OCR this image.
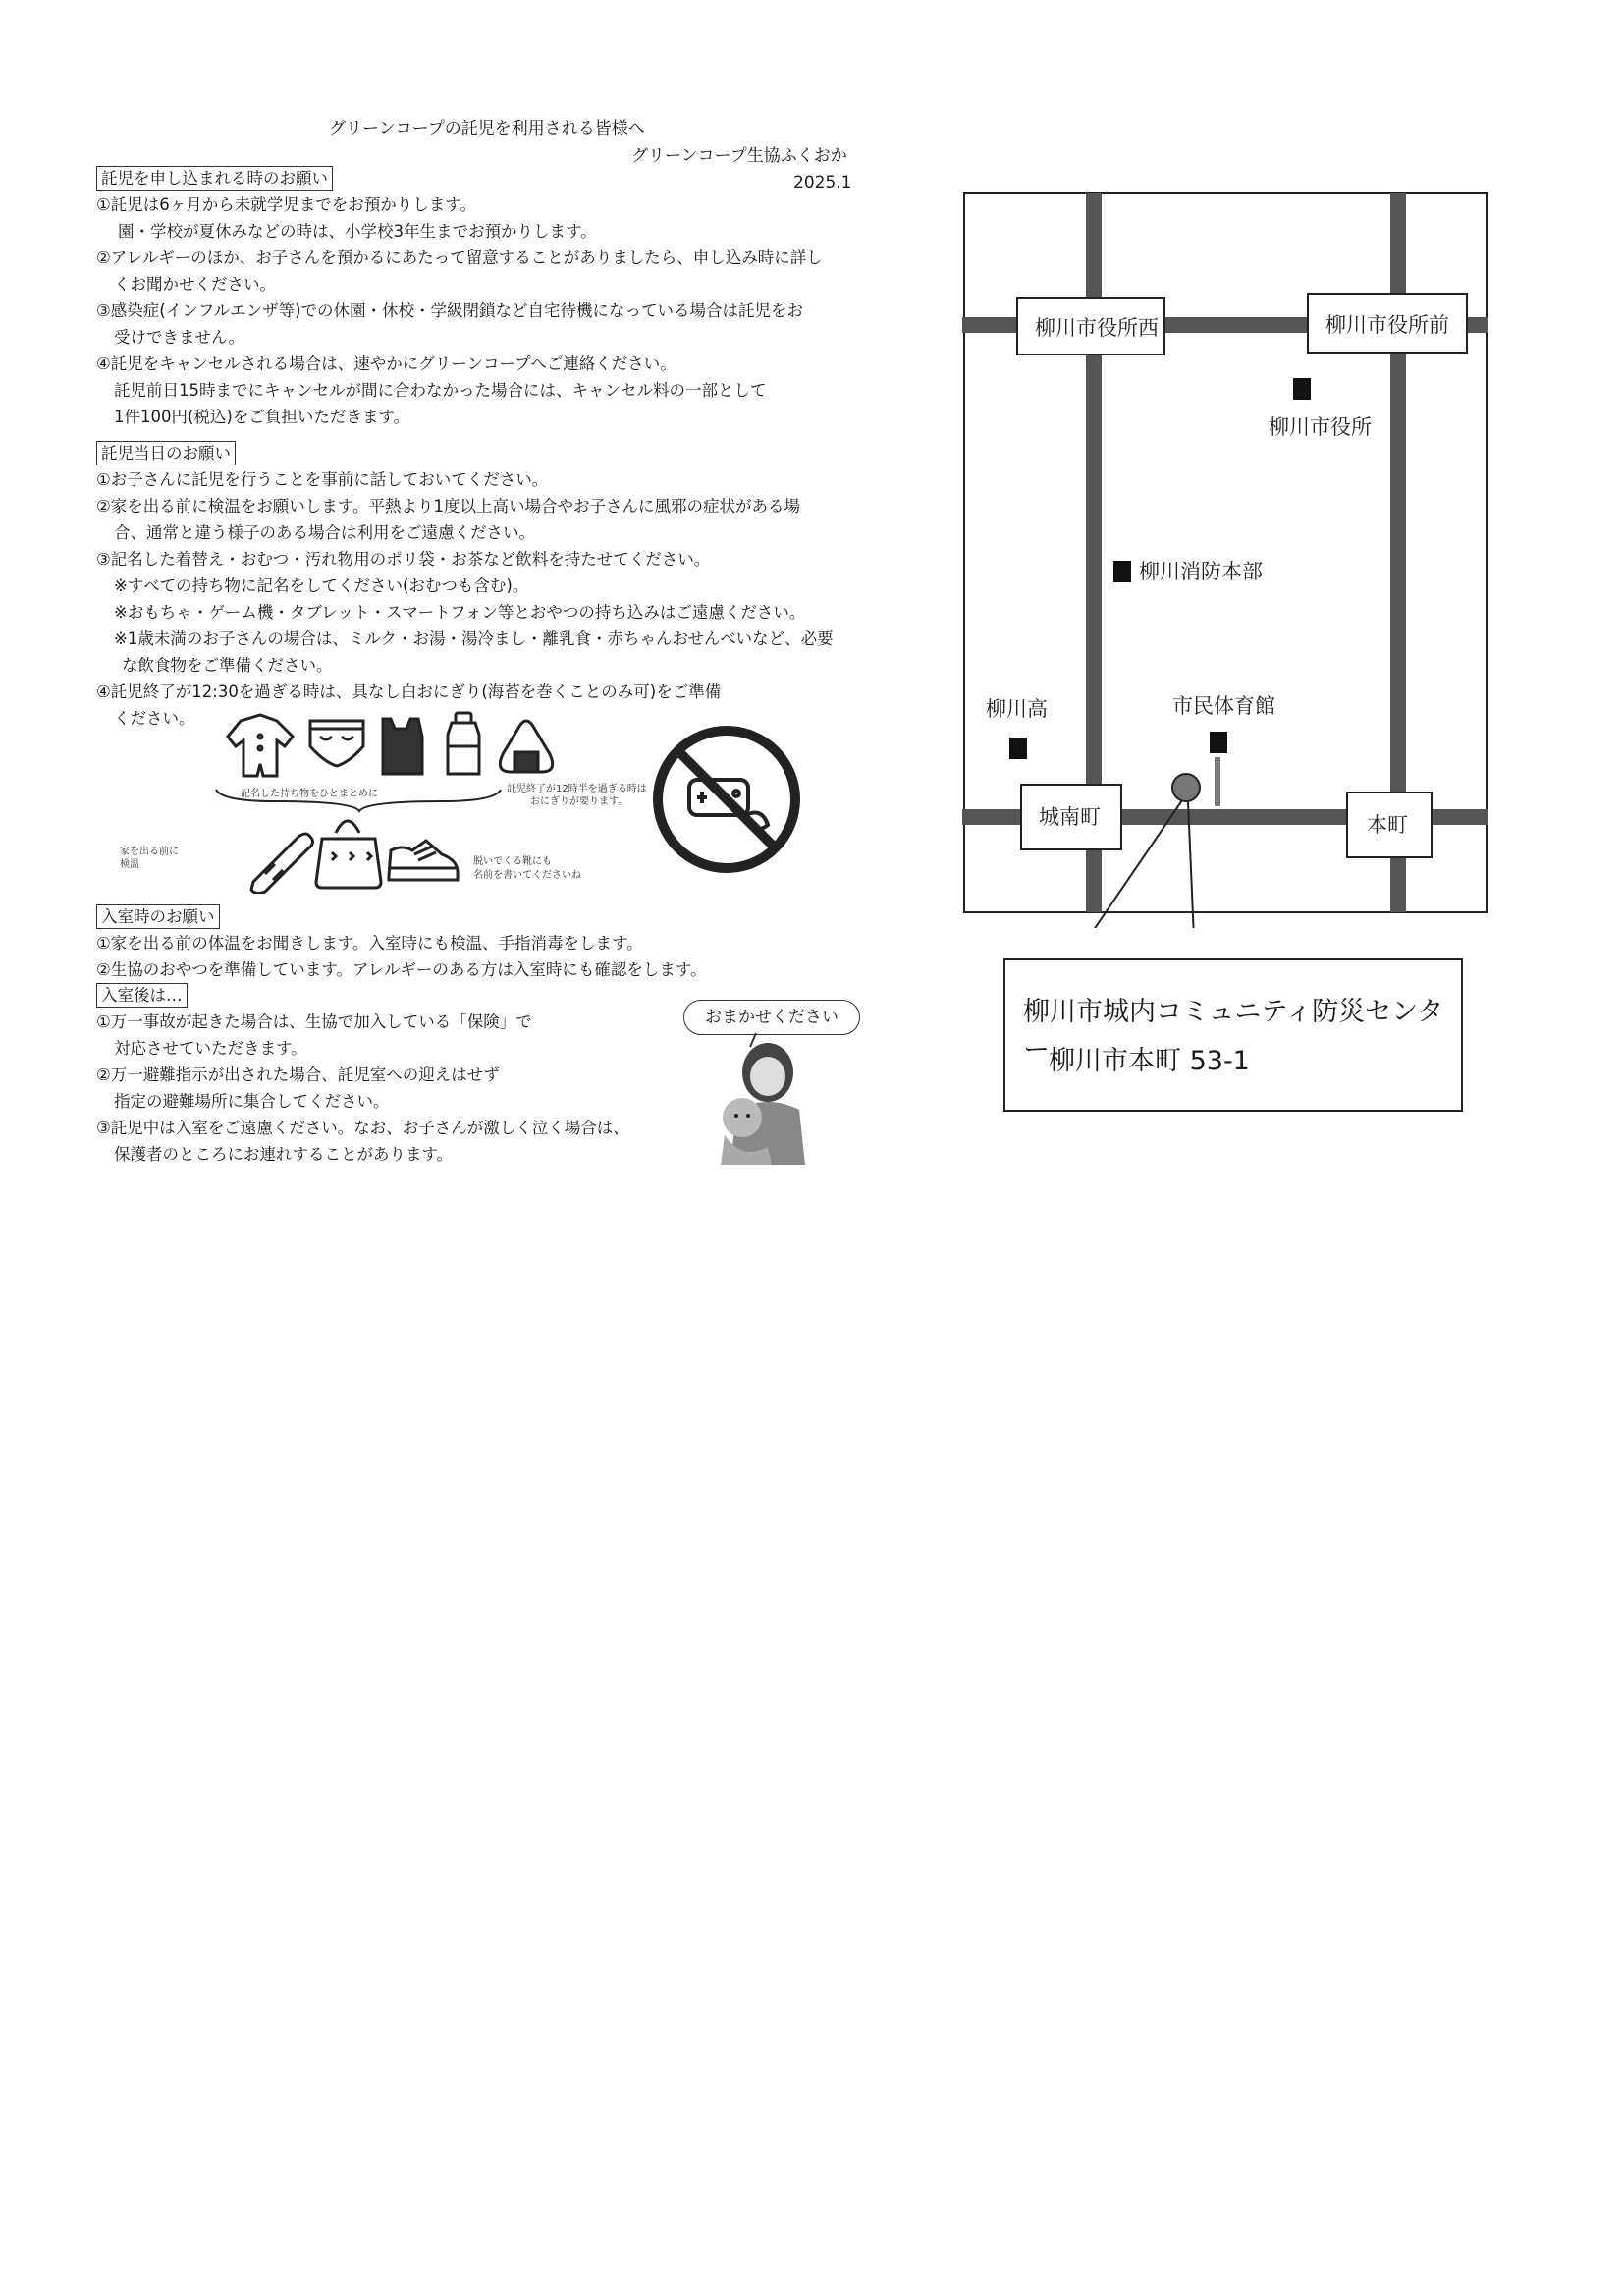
グリーンコープの託児を利用される皆様へ
グリーンコープ生協ふくおか
2025.1
託児を申し込まれる時のお願い
①託児は6ヶ月から未就学児までをお預かりします。
園・学校が夏休みなどの時は、小学校3年生までお預かりします。
②アレルギーのほか、お子さんを預かるにあたって留意することがありましたら、申し込み時に詳し
くお聞かせください。
③感染症(インフルエンザ等)での休園・休校・学級閉鎖など自宅待機になっている場合は託児をお
受けできません。
④託児をキャンセルされる場合は、速やかにグリーンコープへご連絡ください。
託児前日15時までにキャンセルが間に合わなかった場合には、キャンセル料の一部として
1件100円(税込)をご負担いただきます。
託児当日のお願い
①お子さんに託児を行うことを事前に話しておいてください。
②家を出る前に検温をお願いします。平熱より1度以上高い場合やお子さんに風邪の症状がある場
合、通常と違う様子のある場合は利用をご遠慮ください。
③記名した着替え・おむつ・汚れ物用のポリ袋・お茶など飲料を持たせてください。
※すべての持ち物に記名をしてください(おむつも含む)。
※おもちゃ・ゲーム機・タブレット・スマートフォン等とおやつの持ち込みはご遠慮ください。
※1歳未満のお子さんの場合は、ミルク・お湯・湯冷まし・離乳食・赤ちゃんおせんべいなど、必要
な飲食物をご準備ください。
④託児終了が12:30を過ぎる時は、具なし白おにぎり(海苔を巻くことのみ可)をご準備
ください。
記名した持ち物をひとまとめに	託児終了が12時半を過ぎる時は
おにぎりが要ります。
家を出る前に
検温	脱いでくる靴にも
名前を書いてくださいね
入室時のお願い
①家を出る前の体温をお聞きします。入室時にも検温、手指消毒をします。
②生協のおやつを準備しています。アレルギーのある方は入室時にも確認をします。
入室後は…
①万一事故が起きた場合は、生協で加入している「保険」で
対応させていただきます。
②万一避難指示が出された場合、託児室への迎えはせず
指定の避難場所に集合してください。
③託児中は入室をご遠慮ください。なお、お子さんが激しく泣く場合は、
保護者のところにお連れすることがあります。
おまかせください
柳川市役所西	柳川市役所前
柳川市役所
柳川消防本部
柳川高	市民体育館
城南町	本町
柳川市城内コミュニティ防災センター 柳川市本町 53-1
